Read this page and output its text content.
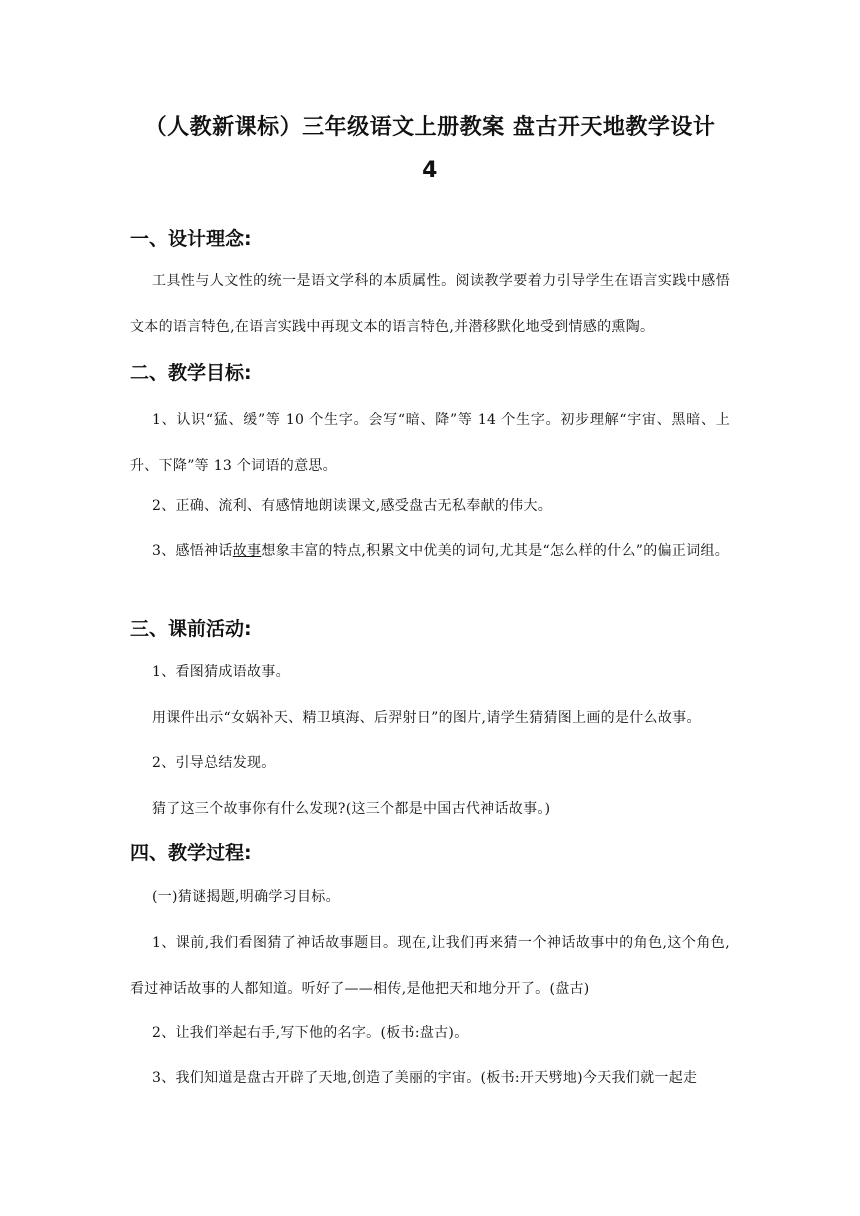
（人教新课标）三年级语文上册教案 盘古开天地教学设计
4
一、设计理念:
工具性与人文性的统一是语文学科的本质属性。阅读教学要着力引导学生在语言实践中感悟文本的语言特色,在语言实践中再现文本的语言特色,并潜移默化地受到情感的熏陶。
二、教学目标:
1、认识“猛、缓”等 10 个生字。会写“暗、降”等 14 个生字。初步理解“宇宙、黑暗、上升、下降”等 13 个词语的意思。
2、正确、流利、有感情地朗读课文,感受盘古无私奉献的伟大。
3、感悟神话故事想象丰富的特点,积累文中优美的词句,尤其是“怎么样的什么”的偏正词组。
三、课前活动:
1、看图猜成语故事。
用课件出示“女娲补天、精卫填海、后羿射日”的图片,请学生猜猜图上画的是什么故事。
2、引导总结发现。
猜了这三个故事你有什么发现?(这三个都是中国古代神话故事。)
四、教学过程:
(一)猜谜揭题,明确学习目标。
1、课前,我们看图猜了神话故事题目。现在,让我们再来猜一个神话故事中的角色,这个角色,看过神话故事的人都知道。听好了——相传,是他把天和地分开了。(盘古)
2、让我们举起右手,写下他的名字。(板书:盘古)。
3、我们知道是盘古开辟了天地,创造了美丽的宇宙。(板书:开天劈地)今天我们就一起走
